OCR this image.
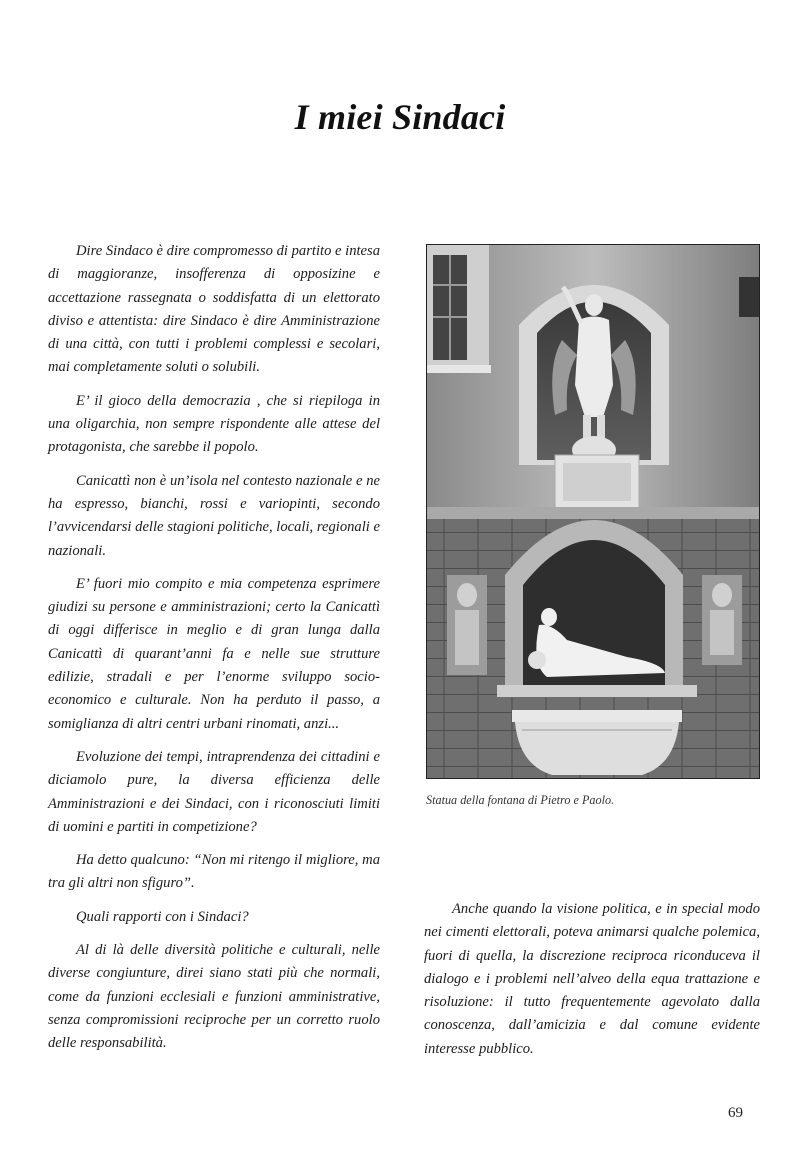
I miei Sindaci

Dire Sindaco è dire compromesso di partito e intesa di maggioranze, insofferenza di opposizine e accettazione rassegnata o soddisfatta di un elettorato diviso e attentista: dire Sindaco è dire Amministrazione di una città, con tutti i problemi complessi e secolari, mai completamente soluti o solubili.

E’ il gioco della democrazia , che si riepiloga in una oligarchia, non sempre rispondente alle attese del protagonista, che sarebbe il popolo.

Canicattì non è un’isola nel contesto nazionale e ne ha espresso, bianchi, rossi e variopinti, secondo l’avvicendarsi delle stagioni politiche, locali, regionali e nazionali.

E’ fuori mio compito e mia competenza esprimere giudizi su persone e amministrazioni; certo la Canicattì di oggi differisce in meglio e di gran lunga dalla Canicattì di quarant’anni fa e nelle sue strutture edilizie, stradali e per l’enorme sviluppo socio-economico e culturale. Non ha perduto il passo, a somiglianza di altri centri urbani rinomati, anzi...

Evoluzione dei tempi, intraprendenza dei cittadini e diciamolo pure, la diversa efficienza delle Amministrazioni e dei Sindaci, con i riconosciuti limiti di uomini e partiti in competizione?

Ha detto qualcuno: “Non mi ritengo il migliore, ma tra gli altri non sfiguro”.

Quali rapporti con i Sindaci?

Al di là delle diversità politiche e culturali, nelle diverse congiunture, direi siano stati più che normali, come da funzioni ecclesiali e funzioni amministrative, senza compromissioni reciproche per un corretto ruolo delle responsabilità.

Statua della fontana di Pietro e Paolo.

Anche quando la visione politica, e in special modo nei cimenti elettorali, poteva animarsi qualche polemica, fuori di quella, la discrezione reciproca riconduceva il dialogo e i problemi nell’alveo della equa trattazione e risoluzione: il tutto frequentemente agevolato dalla conoscenza, dall’amicizia e dal comune evidente interesse pubblico.

69
